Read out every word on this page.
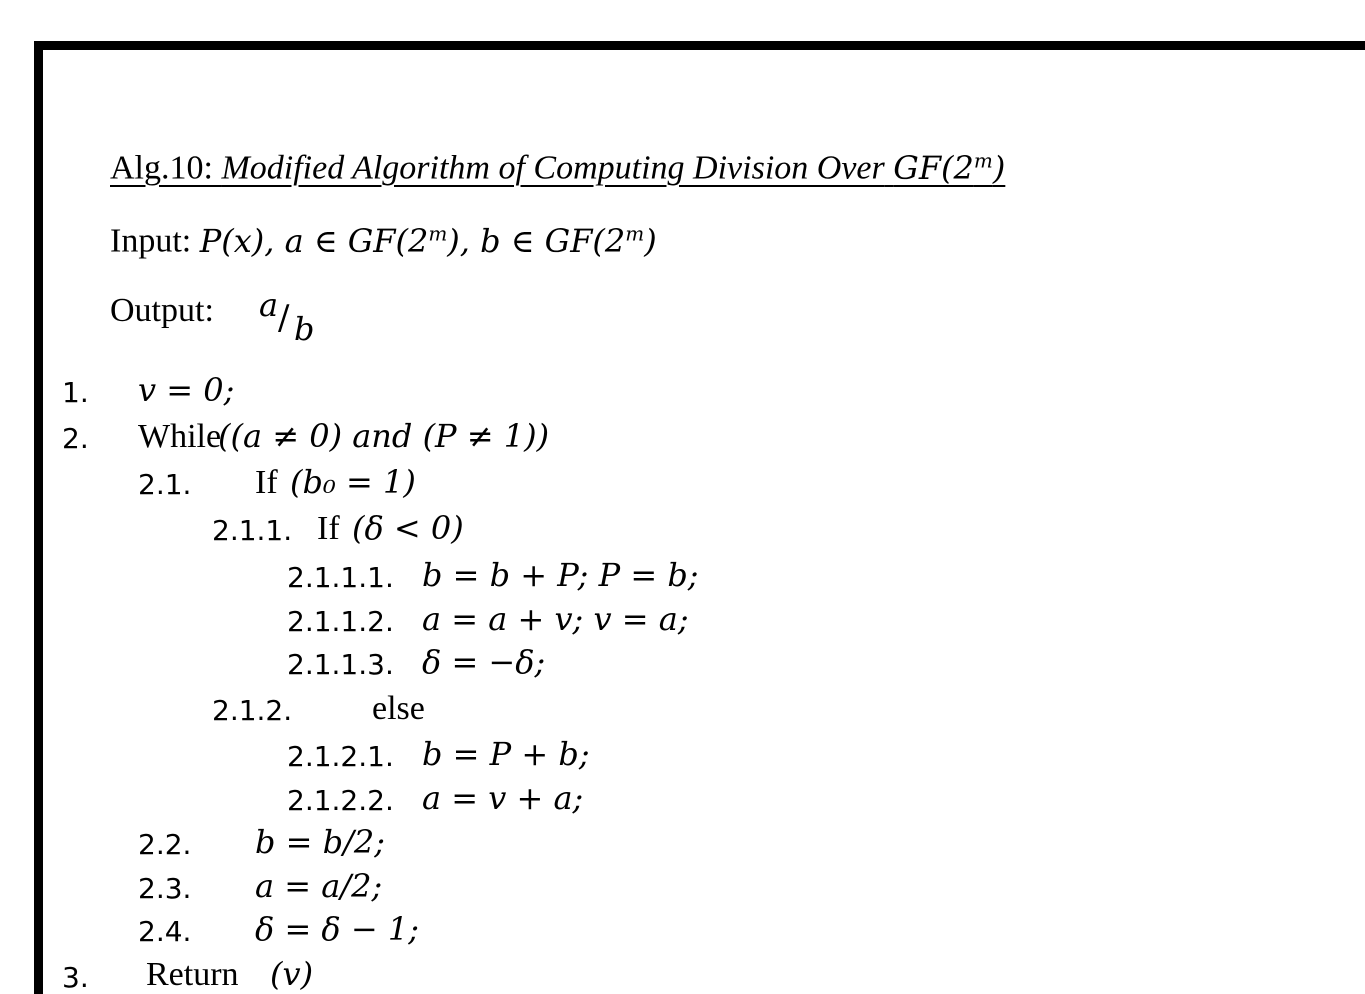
Alg.10: Modified Algorithm of Computing Division Over GF(2$^m$)
Input: P(x), a ∈ GF(2$^m$), b ∈ GF(2$^m$)
Output: a / b
1. v = 0;
2. While
((a ≠ 0) and (P ≠ 1))
2.1. If (b₀ = 1)
2.1.1. If (δ < 0)
2.1.1.1. b = b + P; P = b;
2.1.1.2. a = a + v; v = a;
2.1.1.3. δ = −δ;
2.1.2. else
2.1.2.1. b = P + b;
2.1.2.2. a = v + a;
2.2. b = b/2;
2.3. a = a/2;
2.4. δ = δ − 1;
3. Return (v)
